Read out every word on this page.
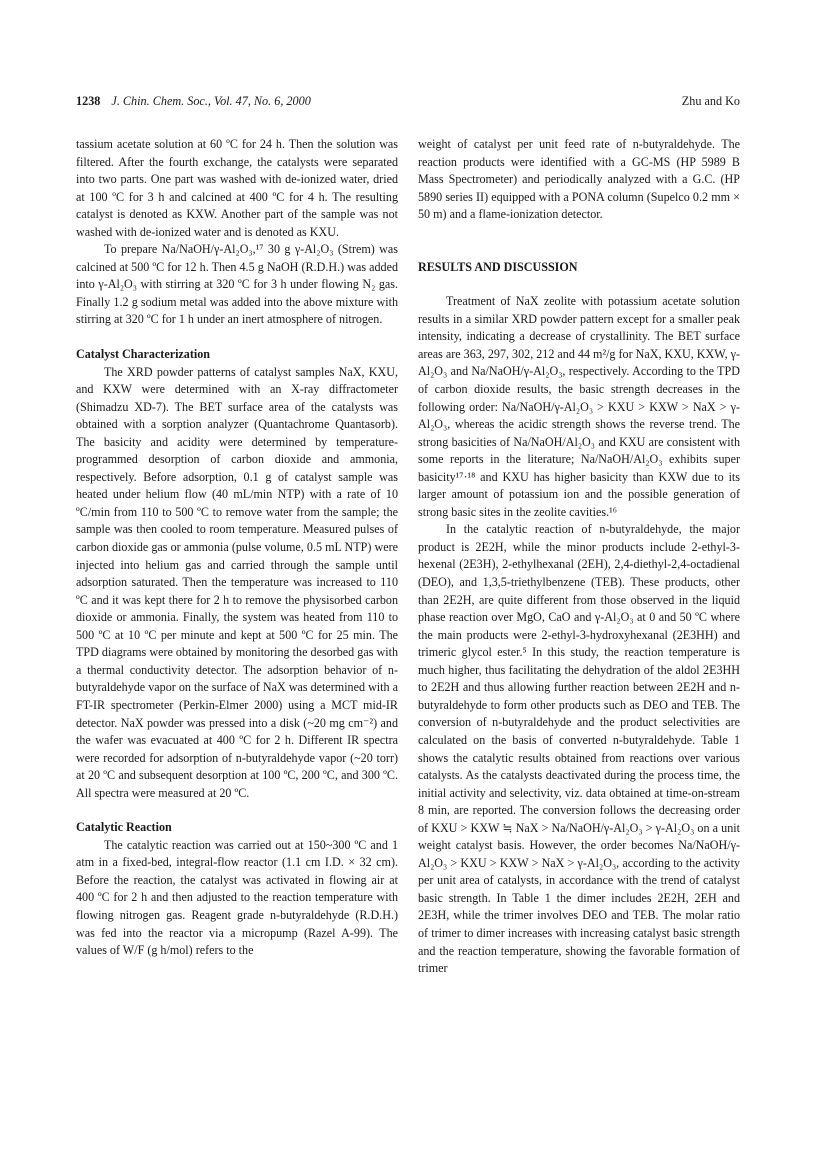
1238 J. Chin. Chem. Soc., Vol. 47, No. 6, 2000	Zhu and Ko

tassium acetate solution at 60 ºC for 24 h. Then the solution was filtered. After the fourth exchange, the catalysts were separated into two parts. One part was washed with de-ionized water, dried at 100 ºC for 3 h and calcined at 400 ºC for 4 h. The resulting catalyst is denoted as KXW. Another part of the sample was not washed with de-ionized water and is denoted as KXU.

To prepare Na/NaOH/γ-Al₂O₃,¹⁷ 30 g γ-Al₂O₃ (Strem) was calcined at 500 ºC for 12 h. Then 4.5 g NaOH (R.D.H.) was added into γ-Al₂O₃ with stirring at 320 ºC for 3 h under flowing N₂ gas. Finally 1.2 g sodium metal was added into the above mixture with stirring at 320 ºC for 1 h under an inert atmosphere of nitrogen.

Catalyst Characterization

The XRD powder patterns of catalyst samples NaX, KXU, and KXW were determined with an X-ray diffractometer (Shimadzu XD-7). The BET surface area of the catalysts was obtained with a sorption analyzer (Quantachrome Quantasorb). The basicity and acidity were determined by temperature-programmed desorption of carbon dioxide and ammonia, respectively. Before adsorption, 0.1 g of catalyst sample was heated under helium flow (40 mL/min NTP) with a rate of 10 ºC/min from 110 to 500 ºC to remove water from the sample; the sample was then cooled to room temperature. Measured pulses of carbon dioxide gas or ammonia (pulse volume, 0.5 mL NTP) were injected into helium gas and carried through the sample until adsorption saturated. Then the temperature was increased to 110 ºC and it was kept there for 2 h to remove the physisorbed carbon dioxide or ammonia. Finally, the system was heated from 110 to 500 ºC at 10 ºC per minute and kept at 500 ºC for 25 min. The TPD diagrams were obtained by monitoring the desorbed gas with a thermal conductivity detector. The adsorption behavior of n-butyraldehyde vapor on the surface of NaX was determined with a FT-IR spectrometer (Perkin-Elmer 2000) using a MCT mid-IR detector. NaX powder was pressed into a disk (~20 mg cm⁻²) and the wafer was evacuated at 400 ºC for 2 h. Different IR spectra were recorded for adsorption of n-butyraldehyde vapor (~20 torr) at 20 ºC and subsequent desorption at 100 ºC, 200 ºC, and 300 ºC. All spectra were measured at 20 ºC.

Catalytic Reaction

The catalytic reaction was carried out at 150~300 ºC and 1 atm in a fixed-bed, integral-flow reactor (1.1 cm I.D. × 32 cm). Before the reaction, the catalyst was activated in flowing air at 400 ºC for 2 h and then adjusted to the reaction temperature with flowing nitrogen gas. Reagent grade n-butyraldehyde (R.D.H.) was fed into the reactor via a micropump (Razel A-99). The values of W/F (g h/mol) refers to the

weight of catalyst per unit feed rate of n-butyraldehyde. The reaction products were identified with a GC-MS (HP 5989 B Mass Spectrometer) and periodically analyzed with a G.C. (HP 5890 series II) equipped with a PONA column (Supelco 0.2 mm × 50 m) and a flame-ionization detector.

RESULTS AND DISCUSSION

Treatment of NaX zeolite with potassium acetate solution results in a similar XRD powder pattern except for a smaller peak intensity, indicating a decrease of crystallinity. The BET surface areas are 363, 297, 302, 212 and 44 m²/g for NaX, KXU, KXW, γ-Al₂O₃ and Na/NaOH/γ-Al₂O₃, respectively. According to the TPD of carbon dioxide results, the basic strength decreases in the following order: Na/NaOH/γ-Al₂O₃ > KXU > KXW > NaX > γ-Al₂O₃, whereas the acidic strength shows the reverse trend. The strong basicities of Na/NaOH/Al₂O₃ and KXU are consistent with some reports in the literature; Na/NaOH/Al₂O₃ exhibits super basicity¹⁷·¹⁸ and KXU has higher basicity than KXW due to its larger amount of potassium ion and the possible generation of strong basic sites in the zeolite cavities.¹⁶

In the catalytic reaction of n-butyraldehyde, the major product is 2E2H, while the minor products include 2-ethyl-3-hexenal (2E3H), 2-ethylhexanal (2EH), 2,4-diethyl-2,4-octadienal (DEO), and 1,3,5-triethylbenzene (TEB). These products, other than 2E2H, are quite different from those observed in the liquid phase reaction over MgO, CaO and γ-Al₂O₃ at 0 and 50 ºC where the main products were 2-ethyl-3-hydroxyhexanal (2E3HH) and trimeric glycol ester.⁵ In this study, the reaction temperature is much higher, thus facilitating the dehydration of the aldol 2E3HH to 2E2H and thus allowing further reaction between 2E2H and n-butyraldehyde to form other products such as DEO and TEB. The conversion of n-butyraldehyde and the product selectivities are calculated on the basis of converted n-butyraldehyde. Table 1 shows the catalytic results obtained from reactions over various catalysts. As the catalysts deactivated during the process time, the initial activity and selectivity, viz. data obtained at time-on-stream 8 min, are reported. The conversion follows the decreasing order of KXU > KXW ≒ NaX > Na/NaOH/γ-Al₂O₃ > γ-Al₂O₃ on a unit weight catalyst basis. However, the order becomes Na/NaOH/γ-Al₂O₃ > KXU > KXW > NaX > γ-Al₂O₃, according to the activity per unit area of catalysts, in accordance with the trend of catalyst basic strength. In Table 1 the dimer includes 2E2H, 2EH and 2E3H, while the trimer involves DEO and TEB. The molar ratio of trimer to dimer increases with increasing catalyst basic strength and the reaction temperature, showing the favorable formation of trimer
